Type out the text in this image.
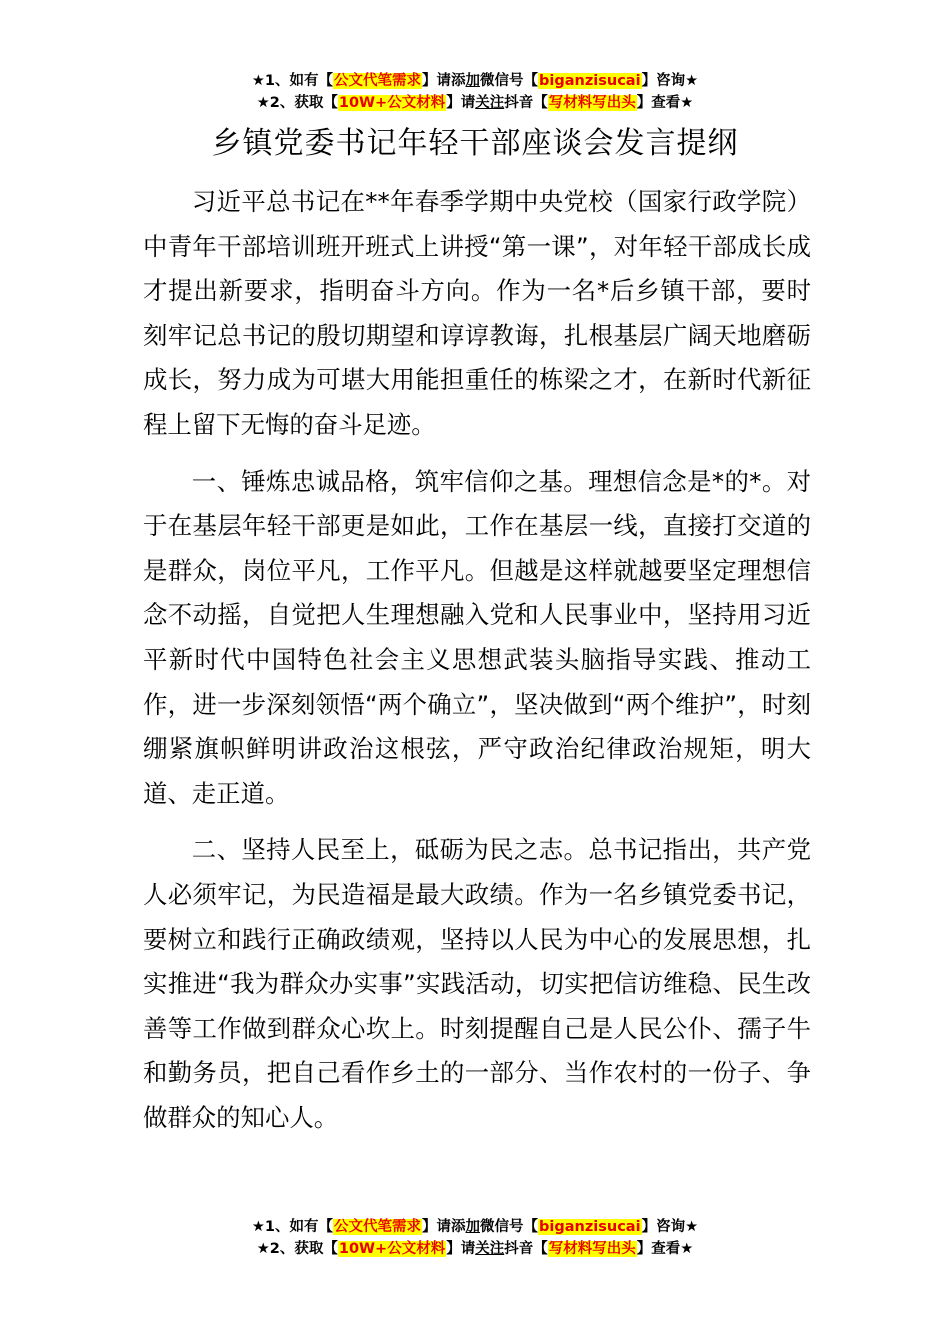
★1、如有【公文代笔需求】请添加微信号【biganzisucai】咨询★
★2、获取【10W+公文材料】请关注抖音【写材料写出头】查看★
乡镇党委书记年轻干部座谈会发言提纲

习近平总书记在**年春季学期中央党校（国家行政学院）中青年干部培训班开班式上讲授“第一课”，对年轻干部成长成才提出新要求，指明奋斗方向。作为一名*后乡镇干部，要时刻牢记总书记的殷切期望和谆谆教诲，扎根基层广阔天地磨砺成长，努力成为可堪大用能担重任的栋梁之才，在新时代新征程上留下无悔的奋斗足迹。

一、锤炼忠诚品格，筑牢信仰之基。理想信念是*的*。对于在基层年轻干部更是如此，工作在基层一线，直接打交道的是群众，岗位平凡，工作平凡。但越是这样就越要坚定理想信念不动摇，自觉把人生理想融入党和人民事业中，坚持用习近平新时代中国特色社会主义思想武装头脑指导实践、推动工作，进一步深刻领悟“两个确立”，坚决做到“两个维护”，时刻绷紧旗帜鲜明讲政治这根弦，严守政治纪律政治规矩，明大道、走正道。

二、坚持人民至上，砥砺为民之志。总书记指出，共产党人必须牢记，为民造福是最大政绩。作为一名乡镇党委书记，要树立和践行正确政绩观，坚持以人民为中心的发展思想，扎实推进“我为群众办实事”实践活动，切实把信访维稳、民生改善等工作做到群众心坎上。时刻提醒自己是人民公仆、孺子牛和勤务员，把自己看作乡土的一部分、当作农村的一份子、争做群众的知心人。

★1、如有【公文代笔需求】请添加微信号【biganzisucai】咨询★
★2、获取【10W+公文材料】请关注抖音【写材料写出头】查看★
